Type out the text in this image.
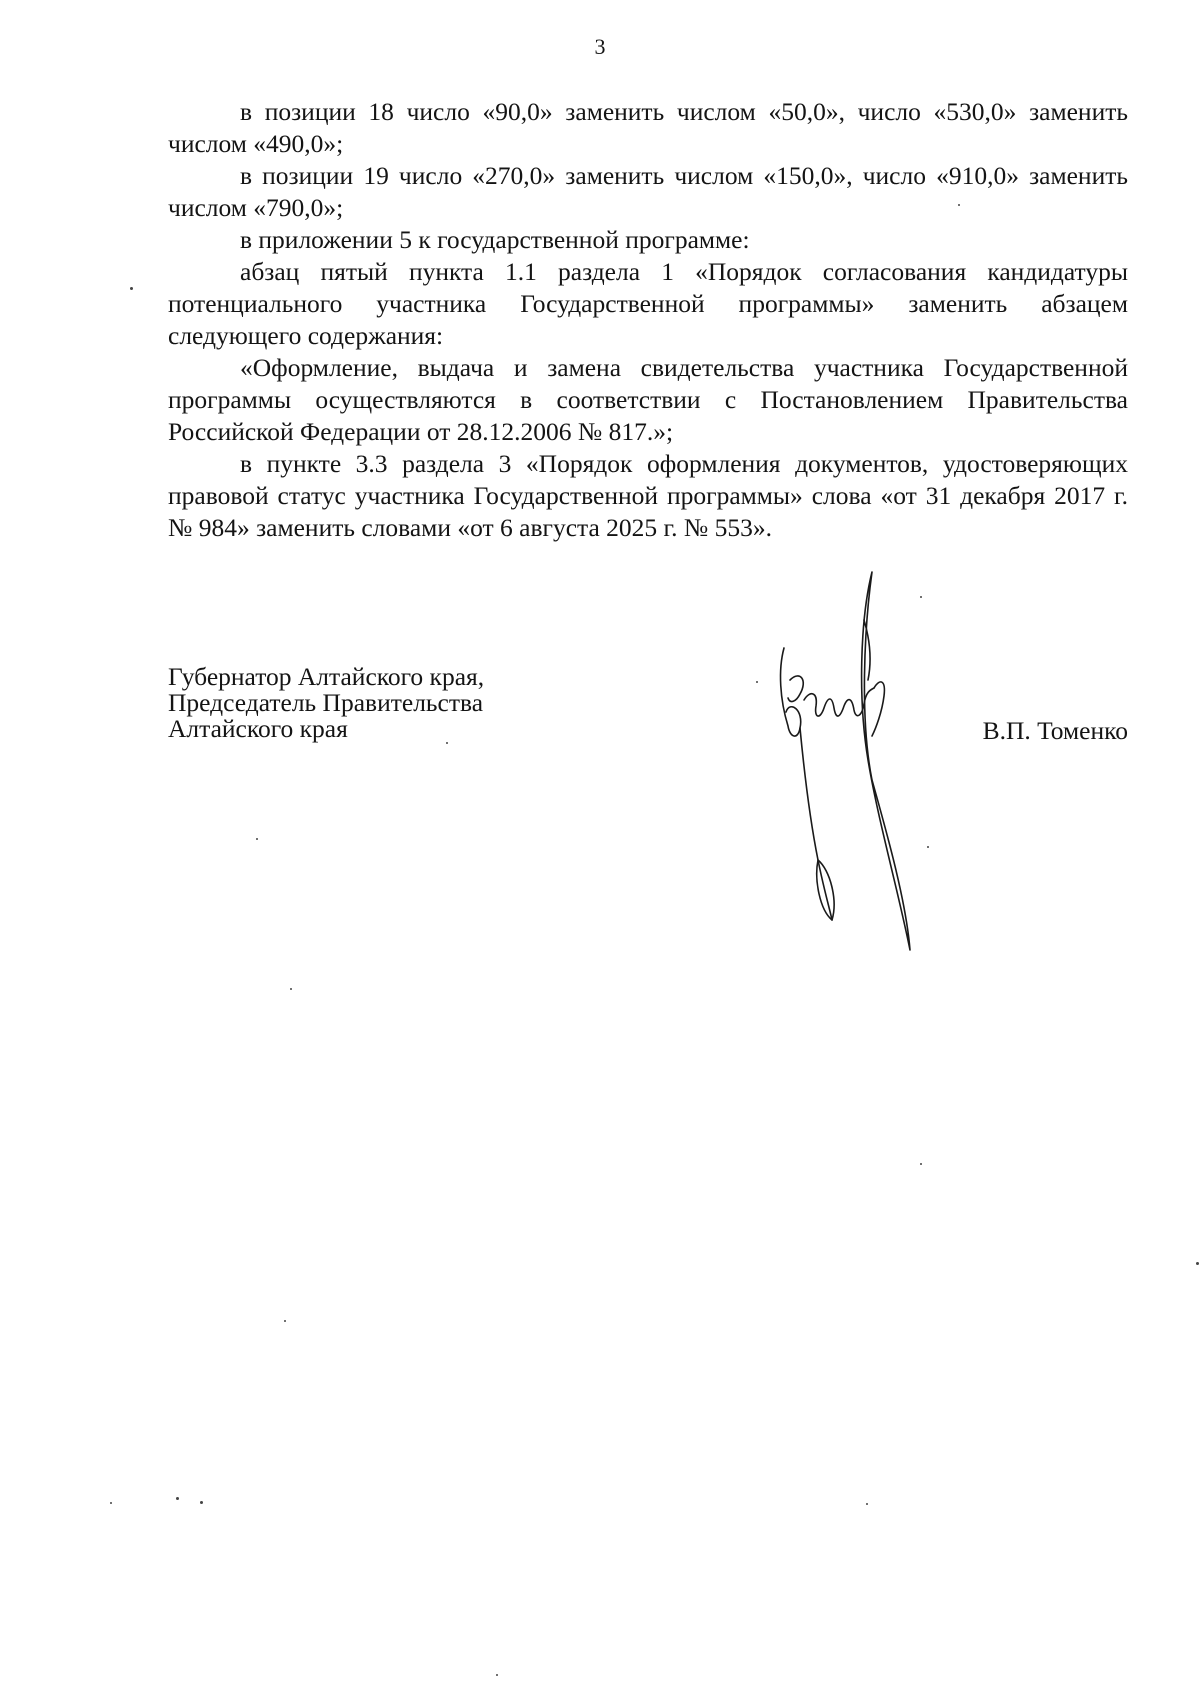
3

в позиции 18 число «90,0» заменить числом «50,0», число «530,0» заменить числом «490,0»;

в позиции 19 число «270,0» заменить числом «150,0», число «910,0» заменить числом «790,0»;

в приложении 5 к государственной программе:

абзац пятый пункта 1.1 раздела 1 «Порядок согласования кандидатуры потенциального участника Государственной программы» заменить абзацем следующего содержания:

«Оформление, выдача и замена свидетельства участника Государственной программы осуществляются в соответствии с Постановлением Правительства Российской Федерации от 28.12.2006 № 817.»;

в пункте 3.3 раздела 3 «Порядок оформления документов, удостоверяющих правовой статус участника Государственной программы» слова «от 31 декабря 2017 г. № 984» заменить словами «от 6 августа 2025 г. № 553».

Губернатор Алтайского края,
Председатель Правительства
Алтайского края	В.П. Томенко
